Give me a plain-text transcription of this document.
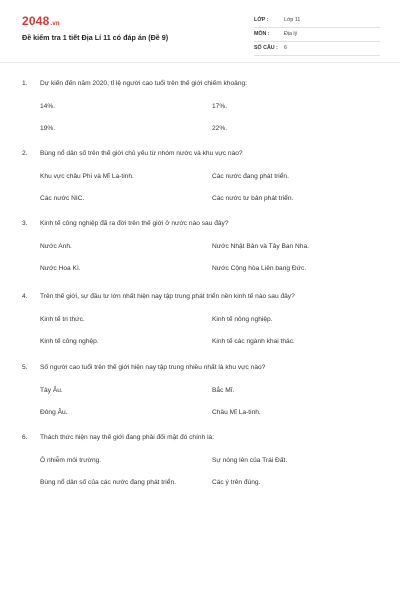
2048.vn
Đề kiểm tra 1 tiết Địa Lí 11 có đáp án (Đề 9)
LỚP :	Lớp 11
MÔN :	Địa lý
SỐ CÂU : 6
1. Dự kiến đến năm 2020, tỉ lệ người cao tuổi trên thế giới chiếm khoảng:
14%.	17%.
19%.	22%.
2. Bùng nổ dân số trên thế giới chủ yếu từ nhóm nước và khu vực nào?
Khu vực châu Phi và Mĩ La-tinh.	Các nước đang phát triển.
Các nước NIC.	Các nước tư bản phát triển.
3. Kinh tế công nghiệp đã ra đời trên thế giới ở nước nào sau đây?
Nước Anh.	Nước Nhật Bản và Tây Ban Nha.
Nước Hoa Kì.	Nước Cộng hòa Liên bang Đức.
4. Trên thế giới, sự đầu tư lớn nhất hiện nay tập trung phát triển nền kinh tế nào sau đây?
Kinh tế tri thức.	Kinh tế nông nghiệp.
Kinh tế công nghệp.	Kinh tế các ngành khai thác.
5. Số người cao tuổi trên thế giới hiện nay tập trung nhiều nhất là khu vực nào?
Tây Âu.	Bắc Mĩ.
Đông Âu.	Châu Mĩ La-tinh.
6. Thách thức hiện nay thế giới đang phải đối mặt đó chính là:
Ô nhiễm môi trường.	Sự nóng lên của Trái Đất.
Bùng nổ dân số của các nước đang phát triển.	Các ý trên đúng.
